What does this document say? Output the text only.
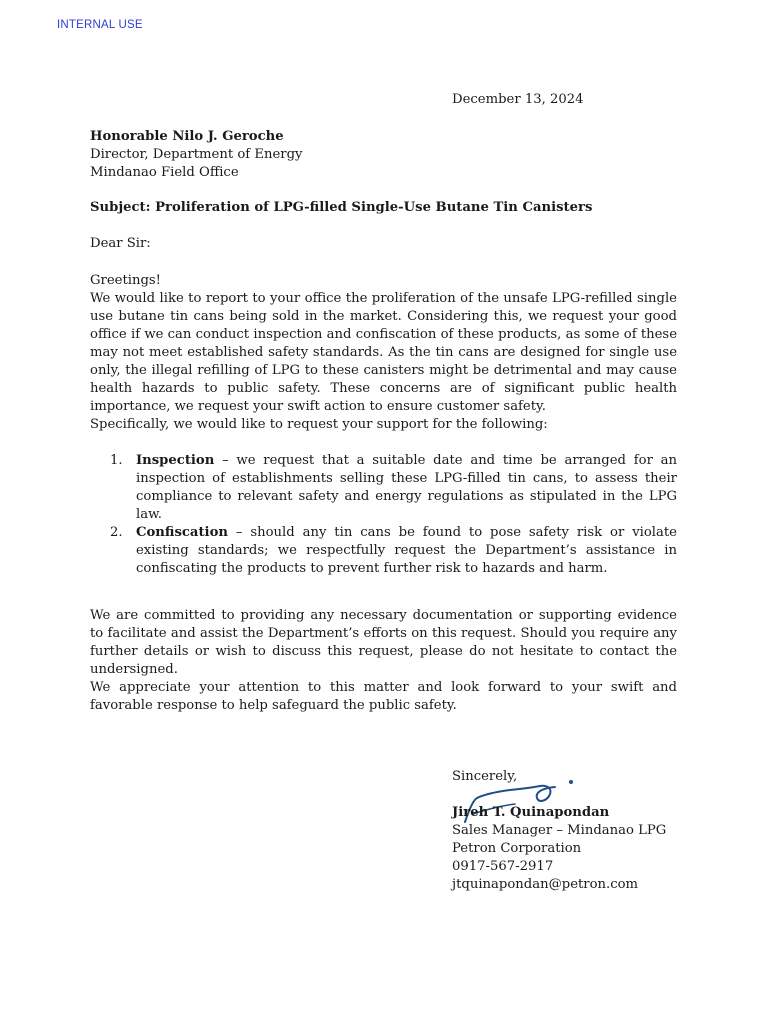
INTERNAL USE
December 13, 2024
Honorable Nilo J. Geroche
Director, Department of Energy
Mindanao Field Office
Subject: Proliferation of LPG-filled Single-Use Butane Tin Canisters
Dear Sir:
Greetings!
We would like to report to your office the proliferation of the unsafe LPG-refilled single use butane tin cans being sold in the market. Considering this, we request your good office if we can conduct inspection and confiscation of these products, as some of these may not meet established safety standards. As the tin cans are designed for single use only, the illegal refilling of LPG to these canisters might be detrimental and may cause health hazards to public safety. These concerns are of significant public health importance, we request your swift action to ensure customer safety.
Specifically, we would like to request your support for the following:
1. Inspection – we request that a suitable date and time be arranged for an inspection of establishments selling these LPG-filled tin cans, to assess their compliance to relevant safety and energy regulations as stipulated in the LPG law.
2. Confiscation – should any tin cans be found to pose safety risk or violate existing standards; we respectfully request the Department’s assistance in confiscating the products to prevent further risk to hazards and harm.
We are committed to providing any necessary documentation or supporting evidence to facilitate and assist the Department’s efforts on this request. Should you require any further details or wish to discuss this request, please do not hesitate to contact the undersigned.
We appreciate your attention to this matter and look forward to your swift and favorable response to help safeguard the public safety.
Sincerely,
Jireh T. Quinapondan
Sales Manager – Mindanao LPG
Petron Corporation
0917-567-2917
jtquinapondan@petron.com
